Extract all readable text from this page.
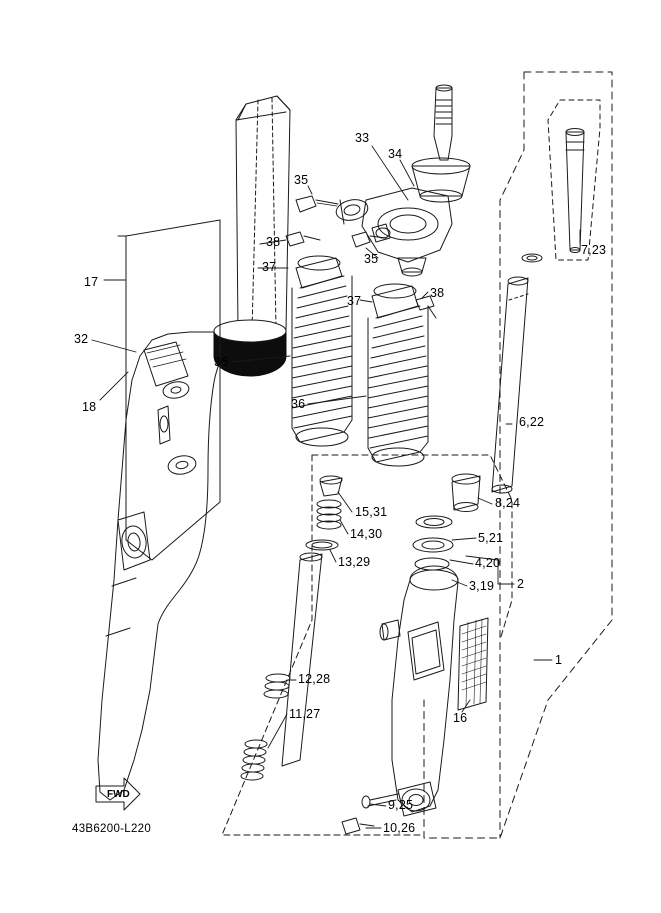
17
32
18
35
38
37
36
33
34
35
37
38
36
7,23
6,22
8,24
15,31
14,30
13,29
5,21
4,20
3,19 2
1
16
12,28
11,27
9,25
10,26
FWD
43B6200-L220
